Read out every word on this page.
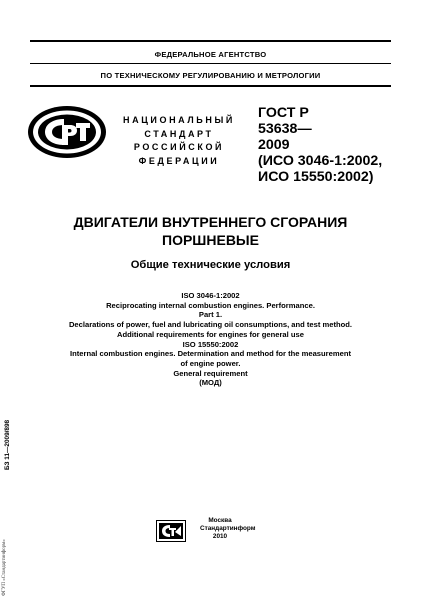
ФЕДЕРАЛЬНОЕ АГЕНТСТВО
ПО ТЕХНИЧЕСКОМУ РЕГУЛИРОВАНИЮ И МЕТРОЛОГИИ
НАЦИОНАЛЬНЫЙ
СТАНДАРТ
РОССИЙСКОЙ
ФЕДЕРАЦИИ
ГОСТ Р
53638—
2009
(ИСО 3046-1:2002,
ИСО 15550:2002)
ДВИГАТЕЛИ ВНУТРЕННЕГО СГОРАНИЯ
ПОРШНЕВЫЕ
Общие технические условия
ISO 3046-1:2002
Reciprocating internal combustion engines. Performance.
Part 1.
Declarations of power, fuel and lubricating oil consumptions, and test method.
Additional requirements for engines for general use
ISO 15550:2002
Internal combustion engines. Determination and method for the measurement
of engine power.
General requirement
(МОД)
БЗ 11—2009/898
ФГУП «Стандартинформ»
Москва
Стандартинформ
2010
